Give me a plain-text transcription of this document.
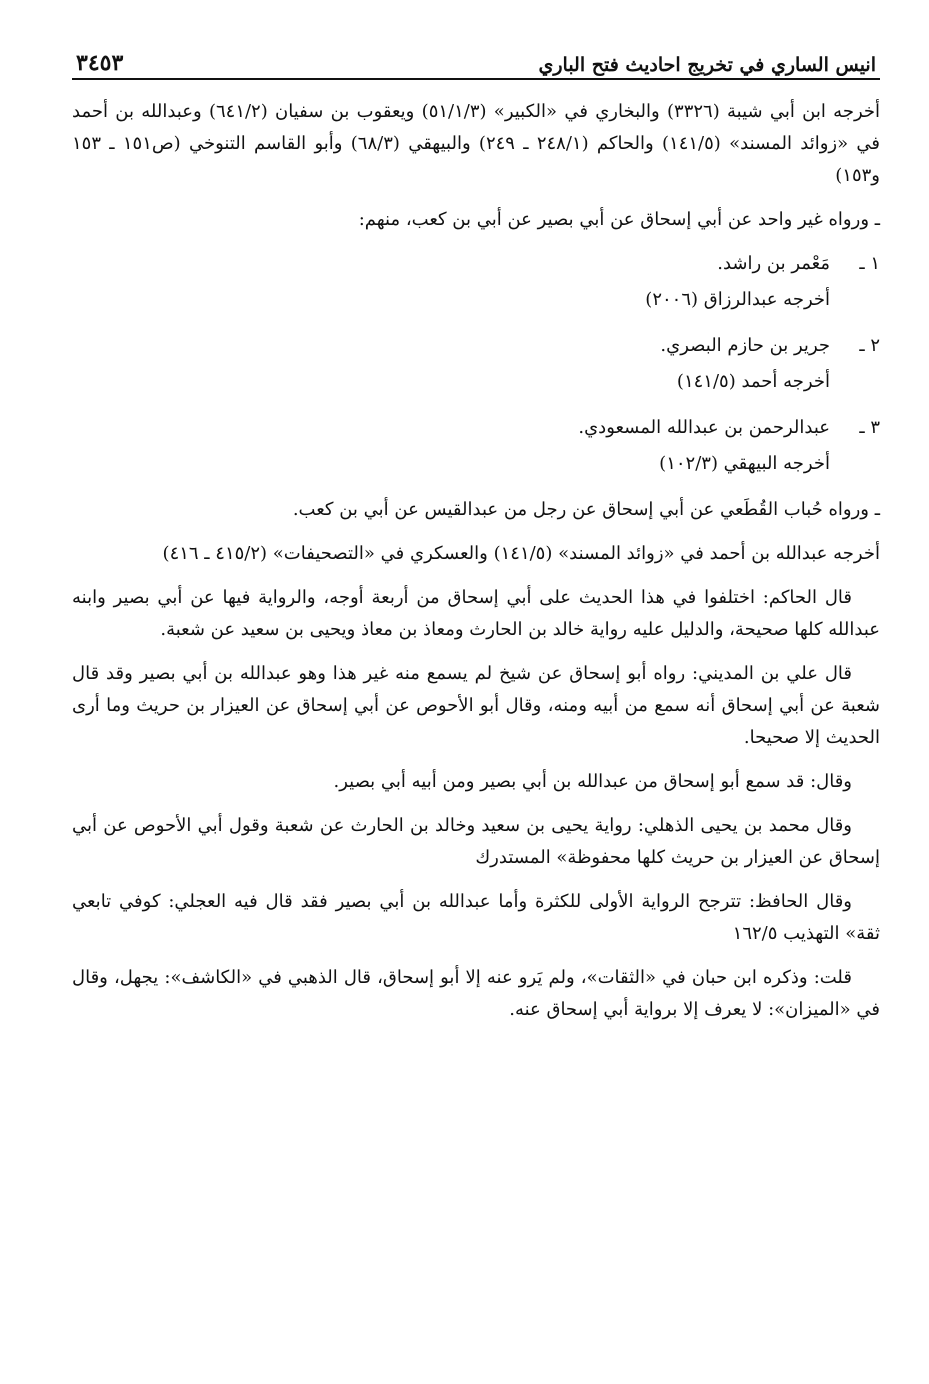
انيس الساري في تخريج احاديث فتح الباري
٣٤٥٣

أخرجه ابن أبي شيبة (٣٣٢٦) والبخاري في «الكبير» (٥١/١/٣) ويعقوب بن سفيان (٦٤١/٢) وعبدالله بن أحمد في «زوائد المسند» (١٤١/٥) والحاكم (٢٤٨/١ ـ ٢٤٩) والبيهقي (٦٨/٣) وأبو القاسم التنوخي (ص١٥١ ـ ١٥٣ و١٥٣)

ـ ورواه غير واحد عن أبي إسحاق عن أبي بصير عن أبي بن كعب، منهم:

١ ـ
مَعْمر بن راشد.

أخرجه عبدالرزاق (٢٠٠٦)

٢ ـ
جرير بن حازم البصري.

أخرجه أحمد (١٤١/٥)

٣ ـ
عبدالرحمن بن عبدالله المسعودي.

أخرجه البيهقي (١٠٢/٣)

ـ ورواه حُباب القُطَعي عن أبي إسحاق عن رجل من عبدالقيس عن أبي بن كعب.

أخرجه عبدالله بن أحمد في «زوائد المسند» (١٤١/٥) والعسكري في «التصحيفات» (٤١٥/٢ ـ ٤١٦)

قال الحاكم: اختلفوا في هذا الحديث على أبي إسحاق من أربعة أوجه، والرواية فيها عن أبي بصير وابنه عبدالله كلها صحيحة، والدليل عليه رواية خالد بن الحارث ومعاذ بن معاذ ويحيى بن سعيد عن شعبة.

قال علي بن المديني: رواه أبو إسحاق عن شيخ لم يسمع منه غير هذا وهو عبدالله بن أبي بصير وقد قال شعبة عن أبي إسحاق أنه سمع من أبيه ومنه، وقال أبو الأحوص عن أبي إسحاق عن العيزار بن حريث وما أرى الحديث إلا صحيحا.

وقال: قد سمع أبو إسحاق من عبدالله بن أبي بصير ومن أبيه أبي بصير.

وقال محمد بن يحيى الذهلي: رواية يحيى بن سعيد وخالد بن الحارث عن شعبة وقول أبي الأحوص عن أبي إسحاق عن العيزار بن حريث كلها محفوظة» المستدرك

وقال الحافظ: تترجح الرواية الأولى للكثرة وأما عبدالله بن أبي بصير فقد قال فيه العجلي: كوفي تابعي ثقة» التهذيب ١٦٢/٥

قلت: وذكره ابن حبان في «الثقات»، ولم يَرو عنه إلا أبو إسحاق، قال الذهبي في «الكاشف»: يجهل، وقال في «الميزان»: لا يعرف إلا برواية أبي إسحاق عنه.
